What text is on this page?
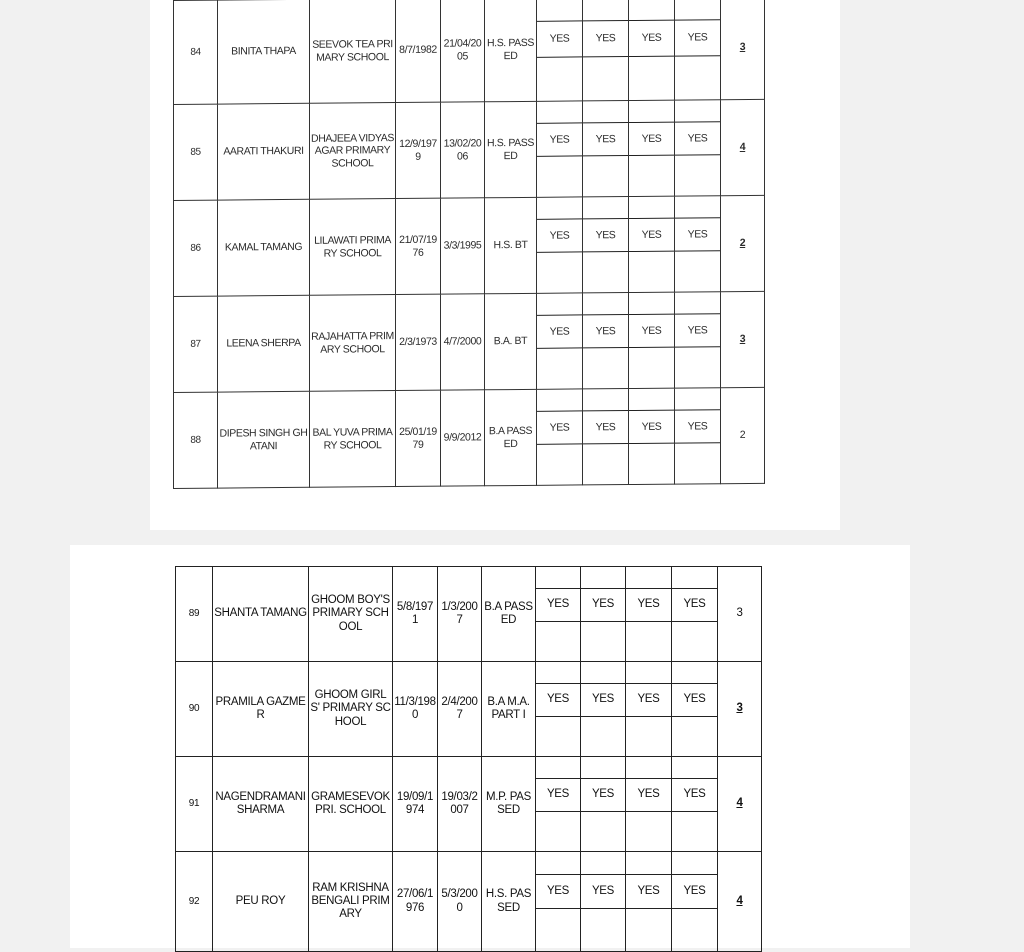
84	BINITA THAPA	SEEVOK TEA PRIMARY SCHOOL	8/7/1982	21/04/2005	H.S. PASSED	YES	YES	YES	YES	3
85	AARATI THAKURI	DHAJEEA VIDYASAGAR PRIMARY SCHOOL	12/9/1979	13/02/2006	H.S. PASSED	YES	YES	YES	YES	4
86	KAMAL TAMANG	LILAWATI PRIMARY SCHOOL	21/07/1976	3/3/1995	H.S. BT	YES	YES	YES	YES	2
87	LEENA SHERPA	RAJAHATTA PRIMARY SCHOOL	2/3/1973	4/7/2000	B.A. BT	YES	YES	YES	YES	3
88	DIPESH SINGH GHATANI	BAL YUVA PRIMARY SCHOOL	25/01/1979	9/9/2012	B.A PASSED	YES	YES	YES	YES	2
89	SHANTA TAMANG	GHOOM BOY'S PRIMARY SCHOOL	5/8/1971	1/3/2007	B.A PASSED	YES	YES	YES	YES	3
90	PRAMILA GAZMER	GHOOM GIRLS' PRIMARY SCHOOL	11/3/1980	2/4/2007	B.A M.A. PART I	YES	YES	YES	YES	3
91	NAGENDRAMANI SHARMA	GRAMESEVOK PRI. SCHOOL	19/09/1974	19/03/2007	M.P. PASSED	YES	YES	YES	YES	4
92	PEU ROY	RAM KRISHNA BENGALI PRIMARY	27/06/1976	5/3/2000	H.S. PASSED	YES	YES	YES	YES	4
